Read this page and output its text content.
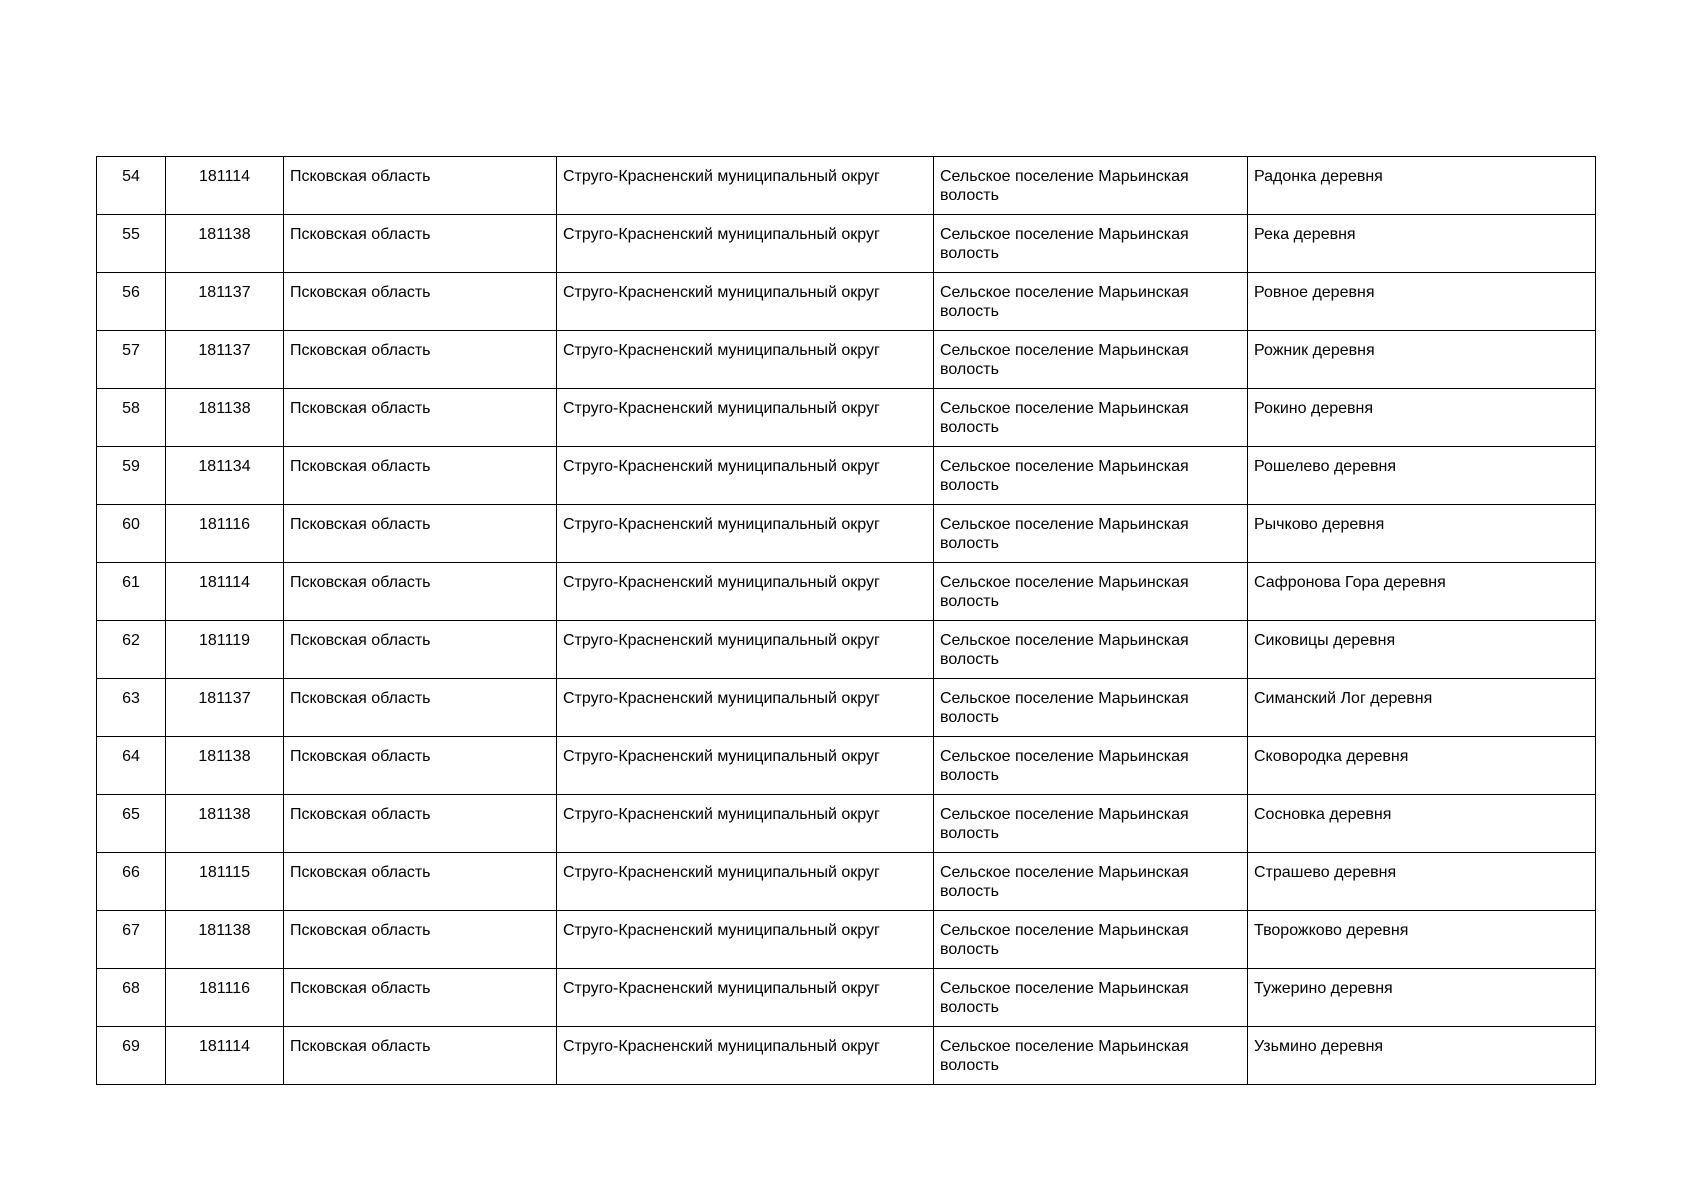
54	181114	Псковская область	Струго-Красненский муниципальный округ	Сельское поселение Марьинская волость	Радонка деревня
55	181138	Псковская область	Струго-Красненский муниципальный округ	Сельское поселение Марьинская волость	Река деревня
56	181137	Псковская область	Струго-Красненский муниципальный округ	Сельское поселение Марьинская волость	Ровное деревня
57	181137	Псковская область	Струго-Красненский муниципальный округ	Сельское поселение Марьинская волость	Рожник деревня
58	181138	Псковская область	Струго-Красненский муниципальный округ	Сельское поселение Марьинская волость	Рокино деревня
59	181134	Псковская область	Струго-Красненский муниципальный округ	Сельское поселение Марьинская волость	Рошелево деревня
60	181116	Псковская область	Струго-Красненский муниципальный округ	Сельское поселение Марьинская волость	Рычково деревня
61	181114	Псковская область	Струго-Красненский муниципальный округ	Сельское поселение Марьинская волость	Сафронова Гора деревня
62	181119	Псковская область	Струго-Красненский муниципальный округ	Сельское поселение Марьинская волость	Сиковицы деревня
63	181137	Псковская область	Струго-Красненский муниципальный округ	Сельское поселение Марьинская волость	Симанский Лог деревня
64	181138	Псковская область	Струго-Красненский муниципальный округ	Сельское поселение Марьинская волость	Сковородка деревня
65	181138	Псковская область	Струго-Красненский муниципальный округ	Сельское поселение Марьинская волость	Сосновка деревня
66	181115	Псковская область	Струго-Красненский муниципальный округ	Сельское поселение Марьинская волость	Страшево деревня
67	181138	Псковская область	Струго-Красненский муниципальный округ	Сельское поселение Марьинская волость	Творожково деревня
68	181116	Псковская область	Струго-Красненский муниципальный округ	Сельское поселение Марьинская волость	Тужерино деревня
69	181114	Псковская область	Струго-Красненский муниципальный округ	Сельское поселение Марьинская волость	Узьмино деревня
